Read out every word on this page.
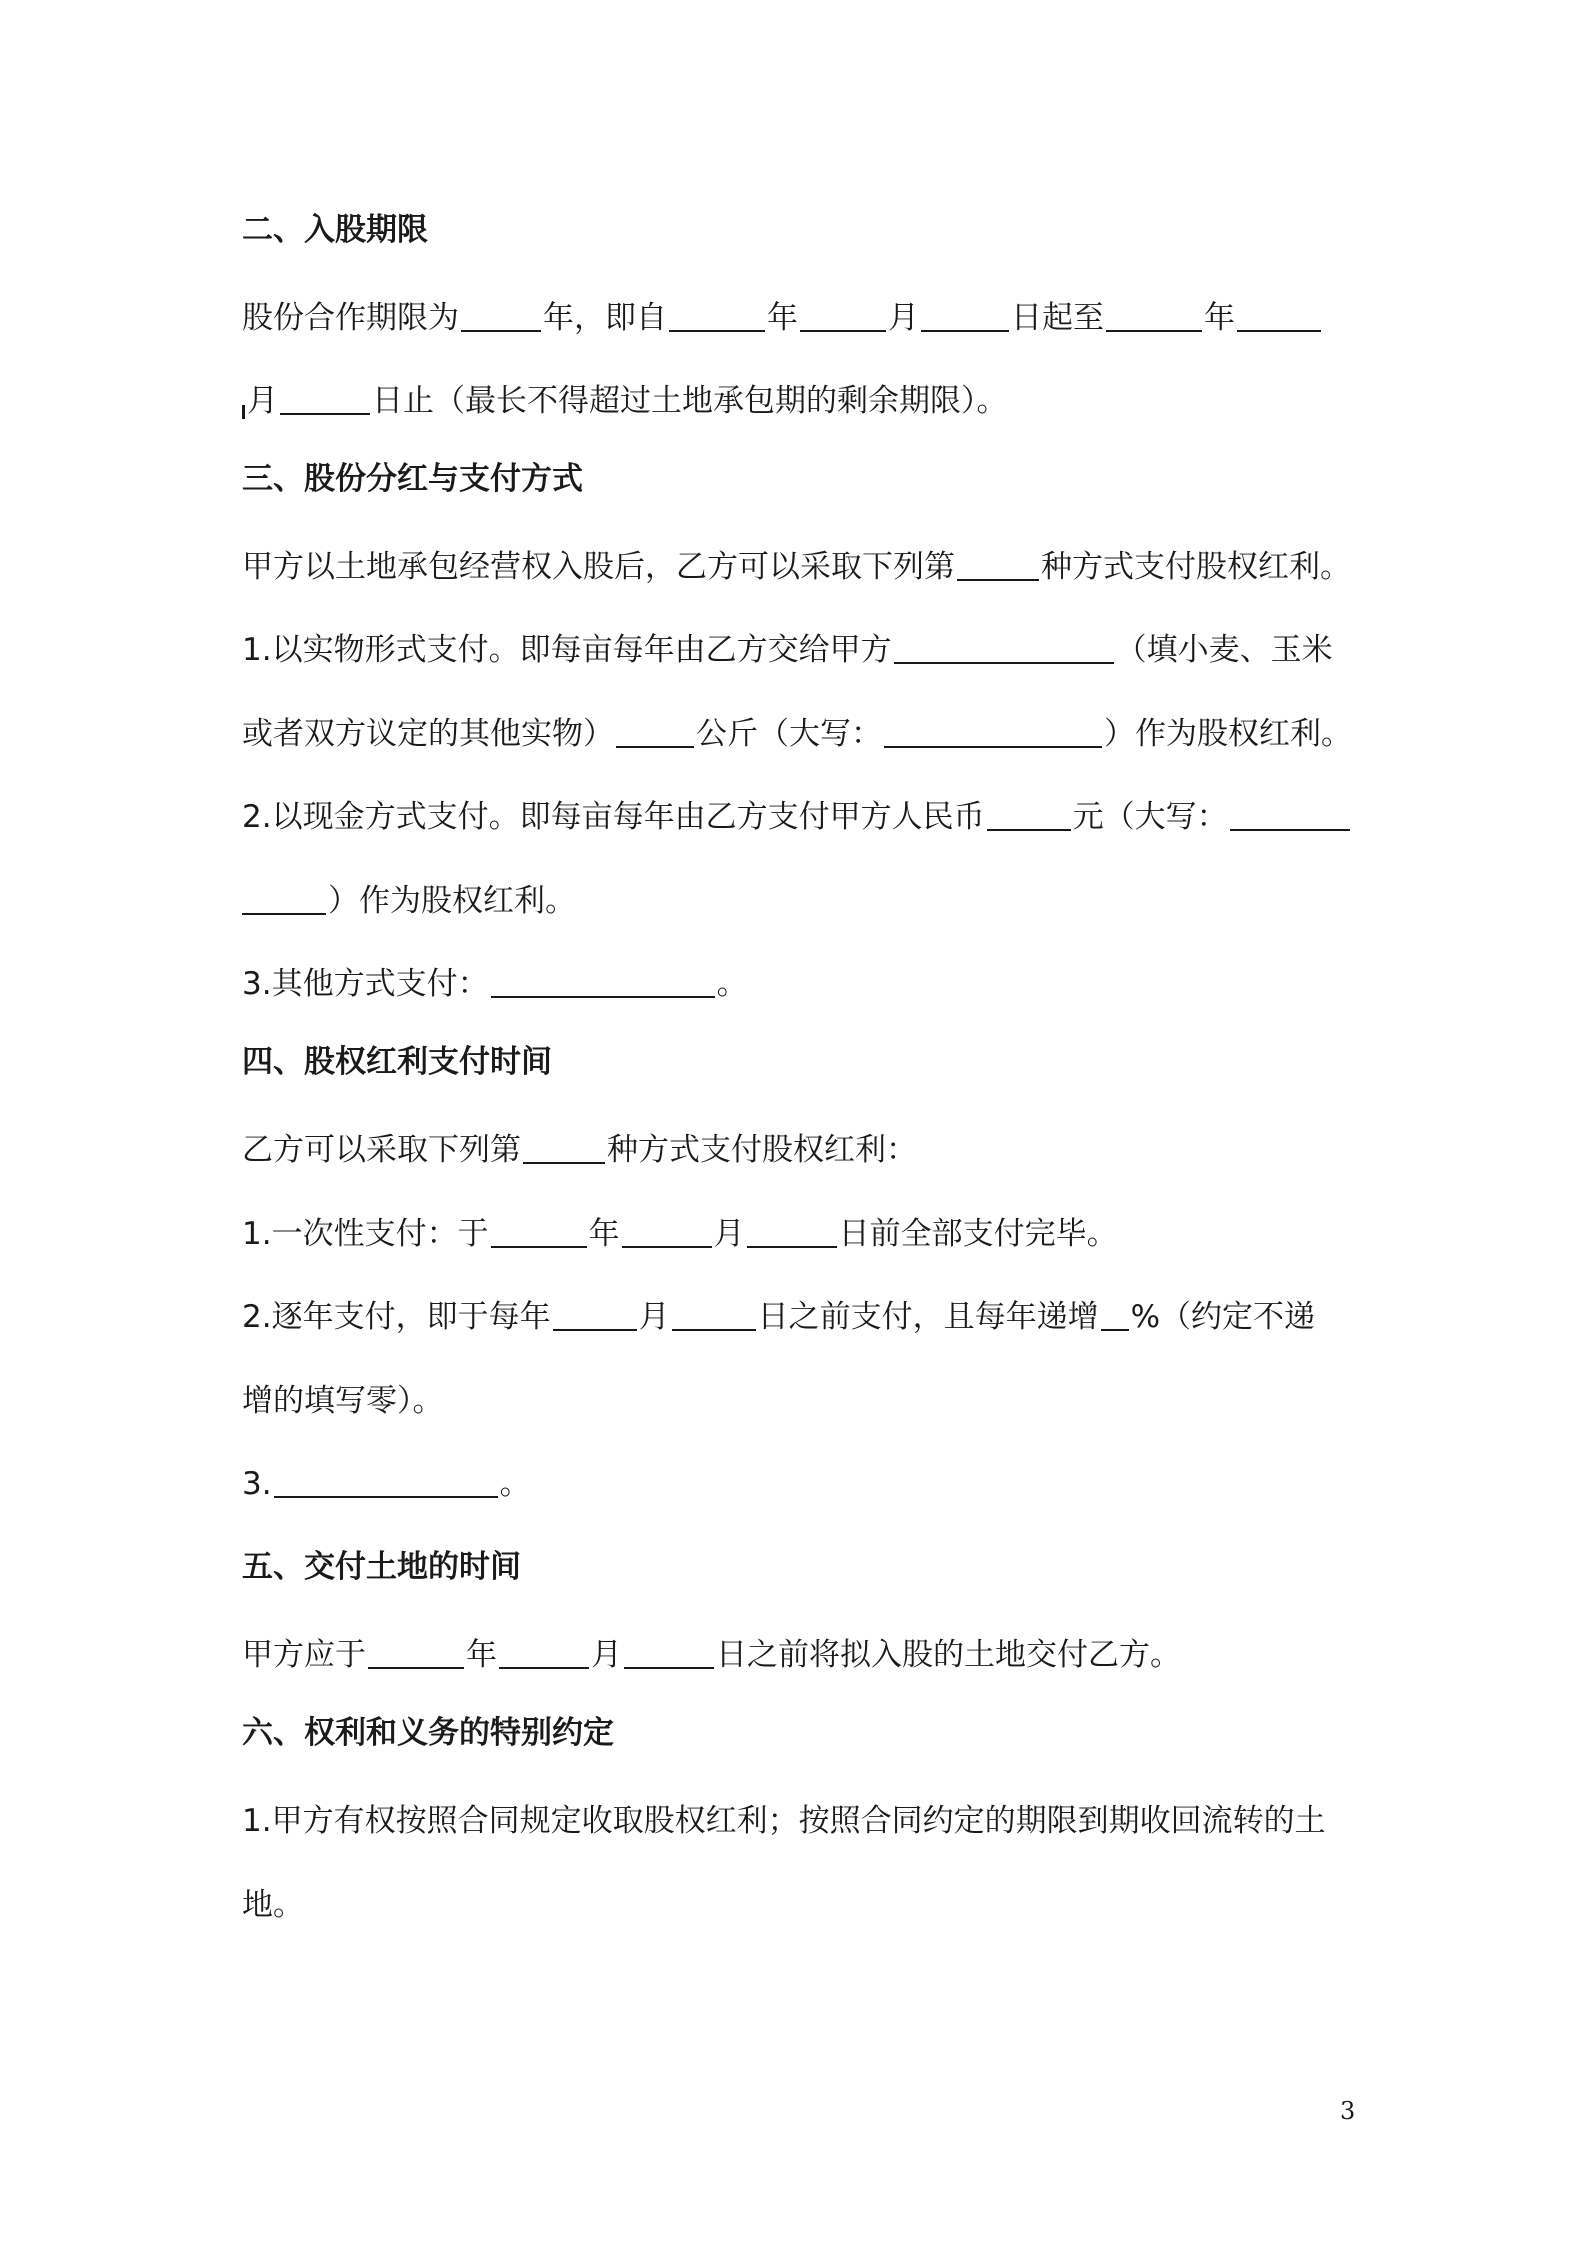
二、入股期限
股份合作期限为	年，即自	年	月	日起至	年
月	日止（最长不得超过土地承包期的剩余期限）。
三、股份分红与支付方式
甲方以土地承包经营权入股后，乙方可以采取下列第	种方式支付股权红利。
1.以实物形式支付。即每亩每年由乙方交给甲方	（填小麦、玉米
或者双方议定的其他实物）	公斤（大写：	）作为股权红利。
2.以现金方式支付。即每亩每年由乙方支付甲方人民币	元（大写：
）作为股权红利。
3.其他方式支付：	。
四、股权红利支付时间
乙方可以采取下列第	种方式支付股权红利：
1.一次性支付：于	年	月	日前全部支付完毕。
2.逐年支付，即于每年	月	日之前支付，且每年递增 %（约定不递
增的填写零）。
3.	。
五、交付土地的时间
甲方应于	年	月	日之前将拟入股的土地交付乙方。
六、权利和义务的特别约定
1.甲方有权按照合同规定收取股权红利；按照合同约定的期限到期收回流转的土
地。
3
